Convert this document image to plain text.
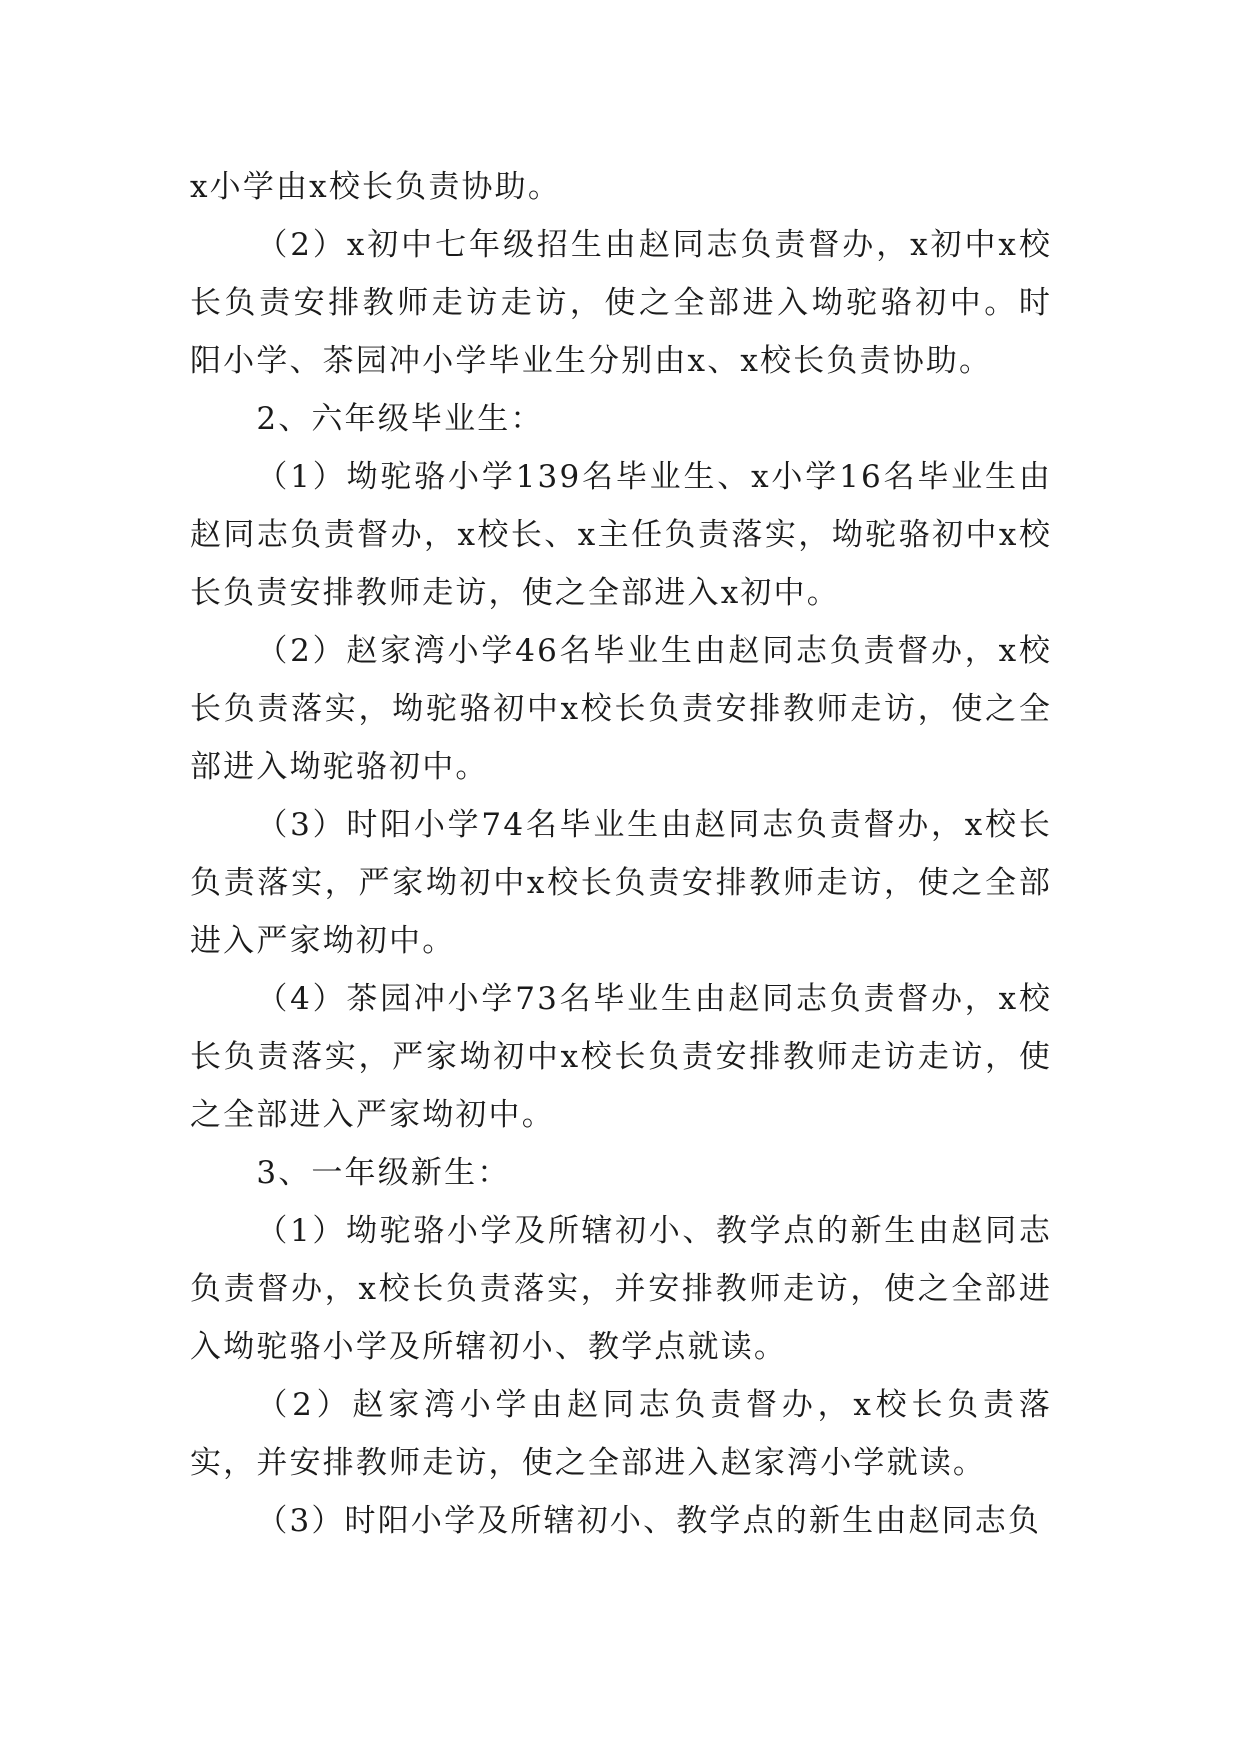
x小学由x校长负责协助。

（2）x初中七年级招生由赵同志负责督办，x初中x校长负责安排教师走访走访，使之全部进入坳驼骆初中。时阳小学、茶园冲小学毕业生分别由x、x校长负责协助。

2、六年级毕业生：

（1）坳驼骆小学139名毕业生、x小学16名毕业生由赵同志负责督办，x校长、x主任负责落实，坳驼骆初中x校长负责安排教师走访，使之全部进入x初中。

（2）赵家湾小学46名毕业生由赵同志负责督办，x校长负责落实，坳驼骆初中x校长负责安排教师走访，使之全部进入坳驼骆初中。

（3）时阳小学74名毕业生由赵同志负责督办，x校长负责落实，严家坳初中x校长负责安排教师走访，使之全部进入严家坳初中。

（4）茶园冲小学73名毕业生由赵同志负责督办，x校长负责落实，严家坳初中x校长负责安排教师走访走访，使之全部进入严家坳初中。

3、一年级新生：

（1）坳驼骆小学及所辖初小、教学点的新生由赵同志负责督办，x校长负责落实，并安排教师走访，使之全部进入坳驼骆小学及所辖初小、教学点就读。

（2）赵家湾小学由赵同志负责督办，x校长负责落实，并安排教师走访，使之全部进入赵家湾小学就读。

（3）时阳小学及所辖初小、教学点的新生由赵同志负
